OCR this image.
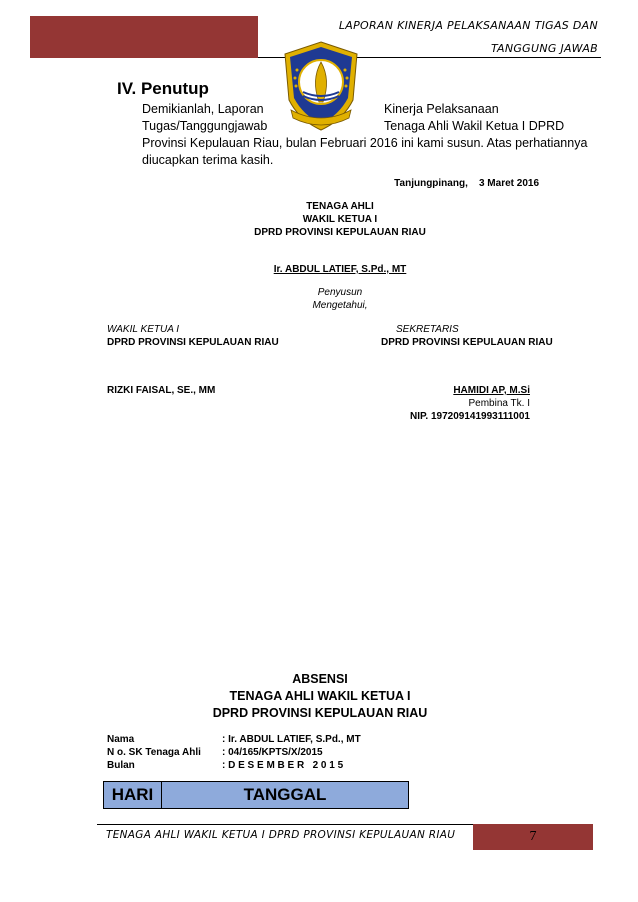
LAPORAN KINERJA PELAKSANAAN TIGAS DAN
TANGGUNG JAWAB
IV. Penutup
Demikianlah, Laporan	Kinerja Pelaksanaan
Tugas/Tanggungjawab	Tenaga Ahli Wakil Ketua I DPRD
Provinsi Kepulauan Riau, bulan Februari 2016 ini kami susun. Atas perhatiannya
diucapkan terima kasih.
Tanjungpinang,    3 Maret 2016
TENAGA AHLI
WAKIL KETUA I
DPRD PROVINSI KEPULAUAN RIAU
Ir. ABDUL LATIEF, S.Pd., MT
Penyusun
Mengetahui,
WAKIL KETUA I
DPRD PROVINSI KEPULAUAN RIAU
RIZKI FAISAL, SE., MM
SEKRETARIS
DPRD PROVINSI KEPULAUAN RIAU
HAMIDI AP, M.Si
Pembina Tk. I
NIP. 197209141993111001
ABSENSI
TENAGA AHLI WAKIL KETUA I
DPRD PROVINSI KEPULAUAN RIAU
Nama	: Ir. ABDUL LATIEF, S.Pd., MT
N o. SK Tenaga Ahli : 04/165/KPTS/X/2015
Bulan	: D E S E M B E R   2 0 1 5
HARI	TANGGAL
TENAGA AHLI WAKIL KETUA I DPRD PROVINSI KEPULAUAN RIAU	7
